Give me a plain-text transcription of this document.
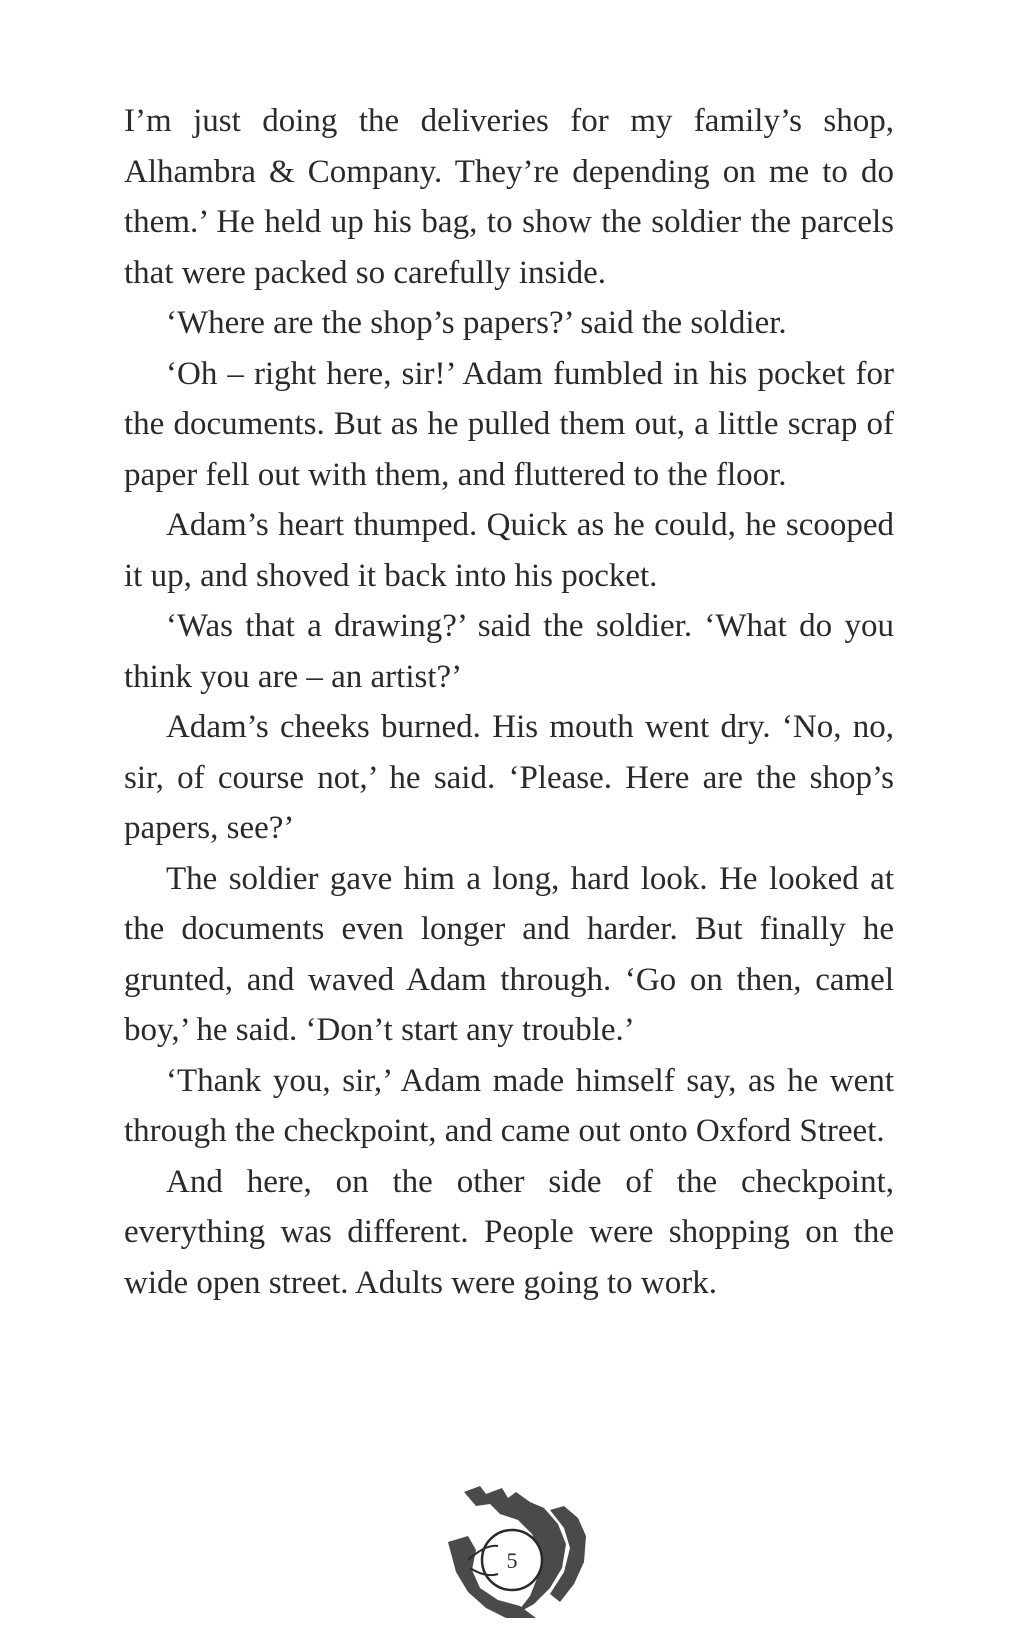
I’m just doing the deliveries for my family’s shop, Alhambra & Company. They’re depending on me to do them.’ He held up his bag, to show the soldier the parcels that were packed so carefully inside.

‘Where are the shop’s papers?’ said the soldier.

‘Oh – right here, sir!’ Adam fumbled in his pocket for the documents. But as he pulled them out, a little scrap of paper fell out with them, and fluttered to the floor.

Adam’s heart thumped. Quick as he could, he scooped it up, and shoved it back into his pocket.

‘Was that a drawing?’ said the soldier. ‘What do you think you are – an artist?’

Adam’s cheeks burned. His mouth went dry. ‘No, no, sir, of course not,’ he said. ‘Please. Here are the shop’s papers, see?’

The soldier gave him a long, hard look. He looked at the documents even longer and harder. But finally he grunted, and waved Adam through. ‘Go on then, camel boy,’ he said. ‘Don’t start any trouble.’

‘Thank you, sir,’ Adam made himself say, as he went through the checkpoint, and came out onto Oxford Street.

And here, on the other side of the checkpoint, everything was different. People were shopping on the wide open street. Adults were going to work.

5
